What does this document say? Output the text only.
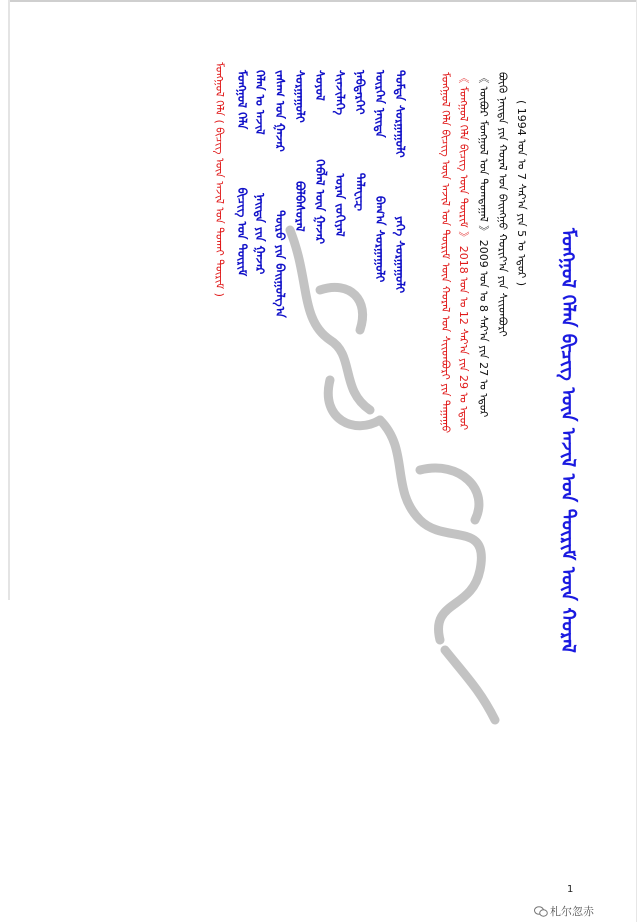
ᠮᠣᠩᠭᠣᠯ ᠬᠡᠯᠡ ( ᠪᠢᠴᠢᠭ ᠦᠨ ᠠᠵᠢᠯ ᠤᠨ ᠲᠤᠬᠠᠢ ᠳᠦᠷᠢᠮ ) ᠮᠣᠩᠭᠣᠯ ᠬᠡᠯᠡ  ᠪᠢᠴᠢᠭ ᠤᠨ ᠳᠦᠷᠢᠮ
ᠬᠡᠯᠡᠨ ᠤ ᠠᠵᠢᠯ  ᠨᠡᠢᠲᠡ ᠶᠢᠨ ᠭᠠᠵᠠᠷ
ᠵᠠᠰᠠᠭ ᠤᠨ ᠭᠠᠵᠠᠷ  ᠲᠥᠷᠥ ᠶᠢᠨ ᠪᠠᠢᠭᠤᠯᠭ᠎ᠠ
ᠰᠤᠷᠭᠠᠭᠤᠯᠢ  ᠪᠣᠯᠪᠠᠰᠤᠷᠠᠯ
ᠰᠣᠶᠣᠯ  ᠬᠡᠪᠯᠡᠯ ᠦᠨ ᠭᠠᠵᠠᠷ
ᠰᠢᠨᠵᠢᠯᠡᠭᠡ  ᠤᠷᠠᠨ ᠵᠣᠬᠢᠶᠠᠯ
ᠨᠡᠪᠲᠡᠷᠬᠡᠢ  ᠲᠡᠯᠡᠸᠢᠽ
ᠥᠷᠭᠡᠨ ᠨᠡᠢᠲᠡ  ᠪᠠᠭ᠎ᠠ ᠰᠤᠷᠭᠠᠭᠤᠯᠢ
ᠳᠤᠮᠳᠠ ᠰᠤᠷᠭᠠᠭᠤᠯᠢ  ᠶᠡᠬᠡ ᠰᠤᠷᠭᠠᠭᠤᠯᠢ	ᠮᠣᠩᠭᠣᠯ ᠬᠡᠯᠡ ᠪᠢᠴᠢᠭ ᠦᠨ ᠠᠵᠢᠯ ᠤᠨ ᠳᠦᠷᠢᠮ ᠦᠨ ᠬᠤᠷᠠᠯ ᠤᠨ ᠰᠢᠢᠳᠪᠦᠷᠢ ᠶᠢᠨ ᠳᠠᠭᠠᠭᠤ 《 ᠮᠣᠩᠭᠣᠯ ᠬᠡᠯᠡ ᠪᠢᠴᠢᠭ ᠦᠨ ᠳᠦᠷᠢᠮ 》 2018 ᠣᠨ ᠤ 12 ᠰᠠᠷ᠎ᠠ ᠶᠢᠨ 29 ᠤ ᠡᠳᠦᠷ 《 ᠥᠪᠥᠷ ᠮᠣᠩᠭᠣᠯ ᠤᠨ ᠲᠣᠭᠲᠠᠭᠠᠯ 》 2009 ᠣᠨ ᠤ 8 ᠰᠠᠷ᠎ᠠ ᠶᠢᠨ 27 ᠤ ᠡᠳᠦᠷ ᠪᠦᠬᠦ ᠨᠡᠢᠲᠡ ᠶᠢᠨ ᠬᠤᠷᠠᠯ ᠤᠨ ᠪᠠᠢᠩᠭᠤ ᠬᠣᠷᠢᠶ᠎ᠠ ᠶᠢᠨ ᠰᠢᠢᠳᠪᠦᠷᠢ ( 1994 ᠣᠨ ᠤ 7 ᠰᠠᠷ᠎ᠠ ᠶᠢᠨ 5 ᠤ ᠡᠳᠦᠷ )
ᠮᠣᠩᠭᠣᠯ ᠬᠡᠯᠡᠨ ᠪᠢᠴᠢᠭ ᠦᠨ ᠠᠵᠢᠯ ᠤᠨ ᠳᠦᠷᠢᠮ ᠦᠨ ᠬᠤᠷᠠᠯ
1
札尔忽赤
